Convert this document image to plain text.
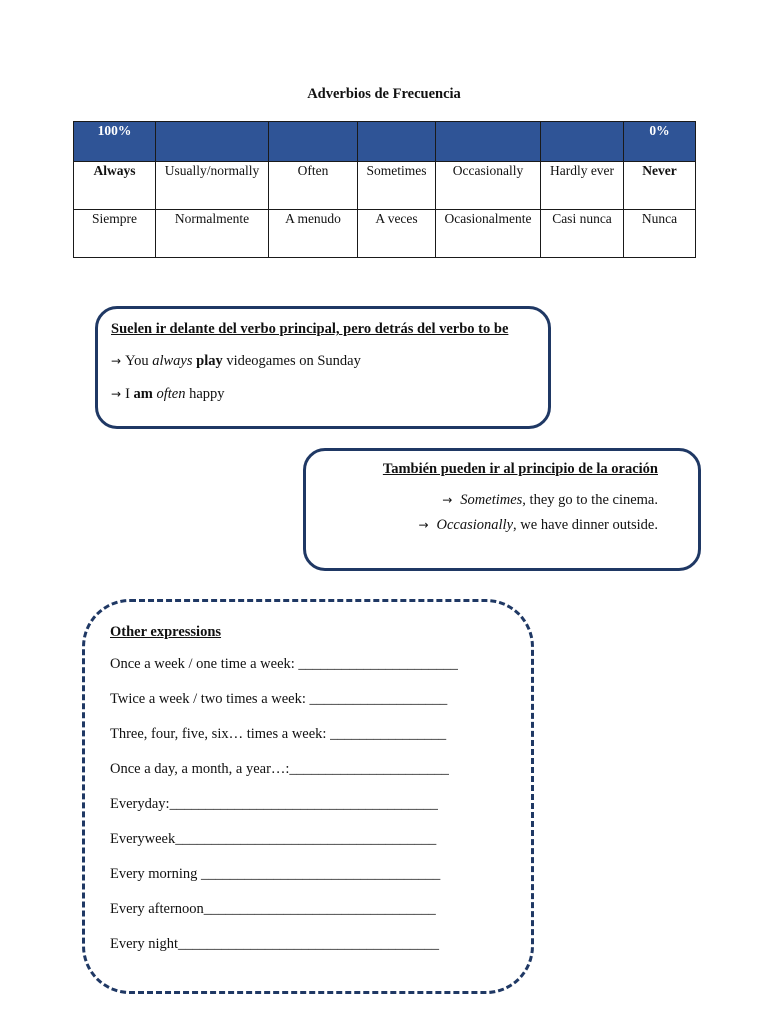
Adverbios de Frecuencia
100%						0%
Always	Usually/normally	Often	Sometimes	Occasionally	Hardly ever	Never
Siempre	Normalmente	A menudo	A veces	Ocasionalmente	Casi nunca	Nunca
Suelen ir delante del verbo principal, pero detrás del verbo to be
→ You always play videogames on Sunday
→ I am often happy
También pueden ir al principio de la oración
→ Sometimes, they go to the cinema.
→ Occasionally, we have dinner outside.
Other expressions
Once a week / one time a week: ______________________
Twice a week / two times a week: ___________________
Three, four, five, six… times a week: ________________
Once a day, a month, a year…:______________________
Everyday:_____________________________________
Everyweek____________________________________
Every morning _________________________________
Every afternoon________________________________
Every night____________________________________
